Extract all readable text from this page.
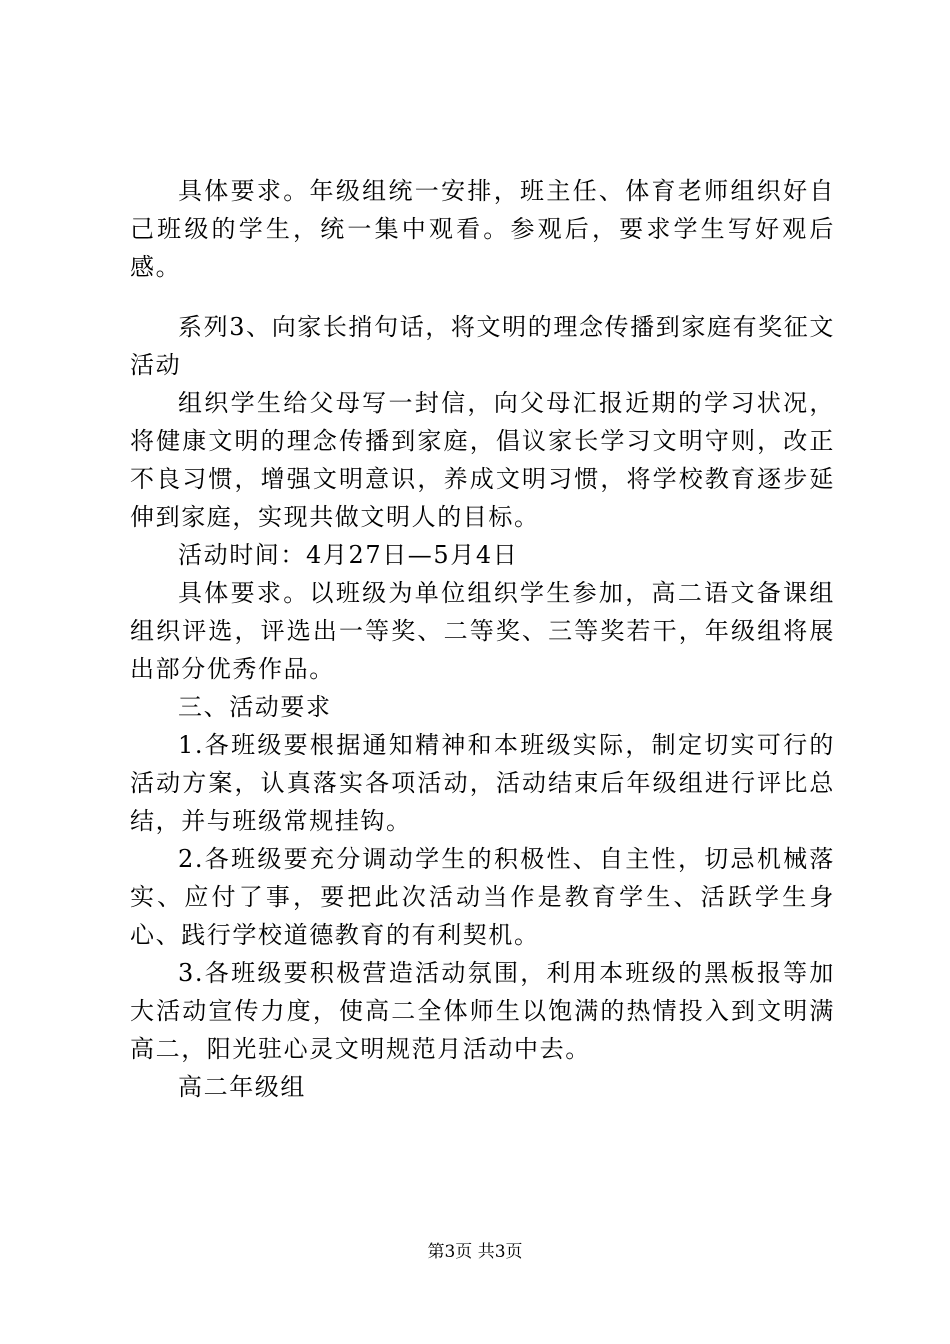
具体要求。年级组统一安排，班主任、体育老师组织好自己班级的学生，统一集中观看。参观后，要求学生写好观后感。

系列3、向家长捎句话，将文明的理念传播到家庭有奖征文活动

组织学生给父母写一封信，向父母汇报近期的学习状况，将健康文明的理念传播到家庭，倡议家长学习文明守则，改正不良习惯，增强文明意识，养成文明习惯，将学校教育逐步延伸到家庭，实现共做文明人的目标。

活动时间：4月27日—5月4日

具体要求。以班级为单位组织学生参加，高二语文备课组组织评选，评选出一等奖、二等奖、三等奖若干，年级组将展出部分优秀作品。

三、活动要求

1.各班级要根据通知精神和本班级实际，制定切实可行的活动方案，认真落实各项活动，活动结束后年级组进行评比总结，并与班级常规挂钩。

2.各班级要充分调动学生的积极性、自主性，切忌机械落实、应付了事，要把此次活动当作是教育学生、活跃学生身心、践行学校道德教育的有利契机。

3.各班级要积极营造活动氛围，利用本班级的黑板报等加大活动宣传力度，使高二全体师生以饱满的热情投入到文明满高二，阳光驻心灵文明规范月活动中去。

高二年级组

第3页 共3页
